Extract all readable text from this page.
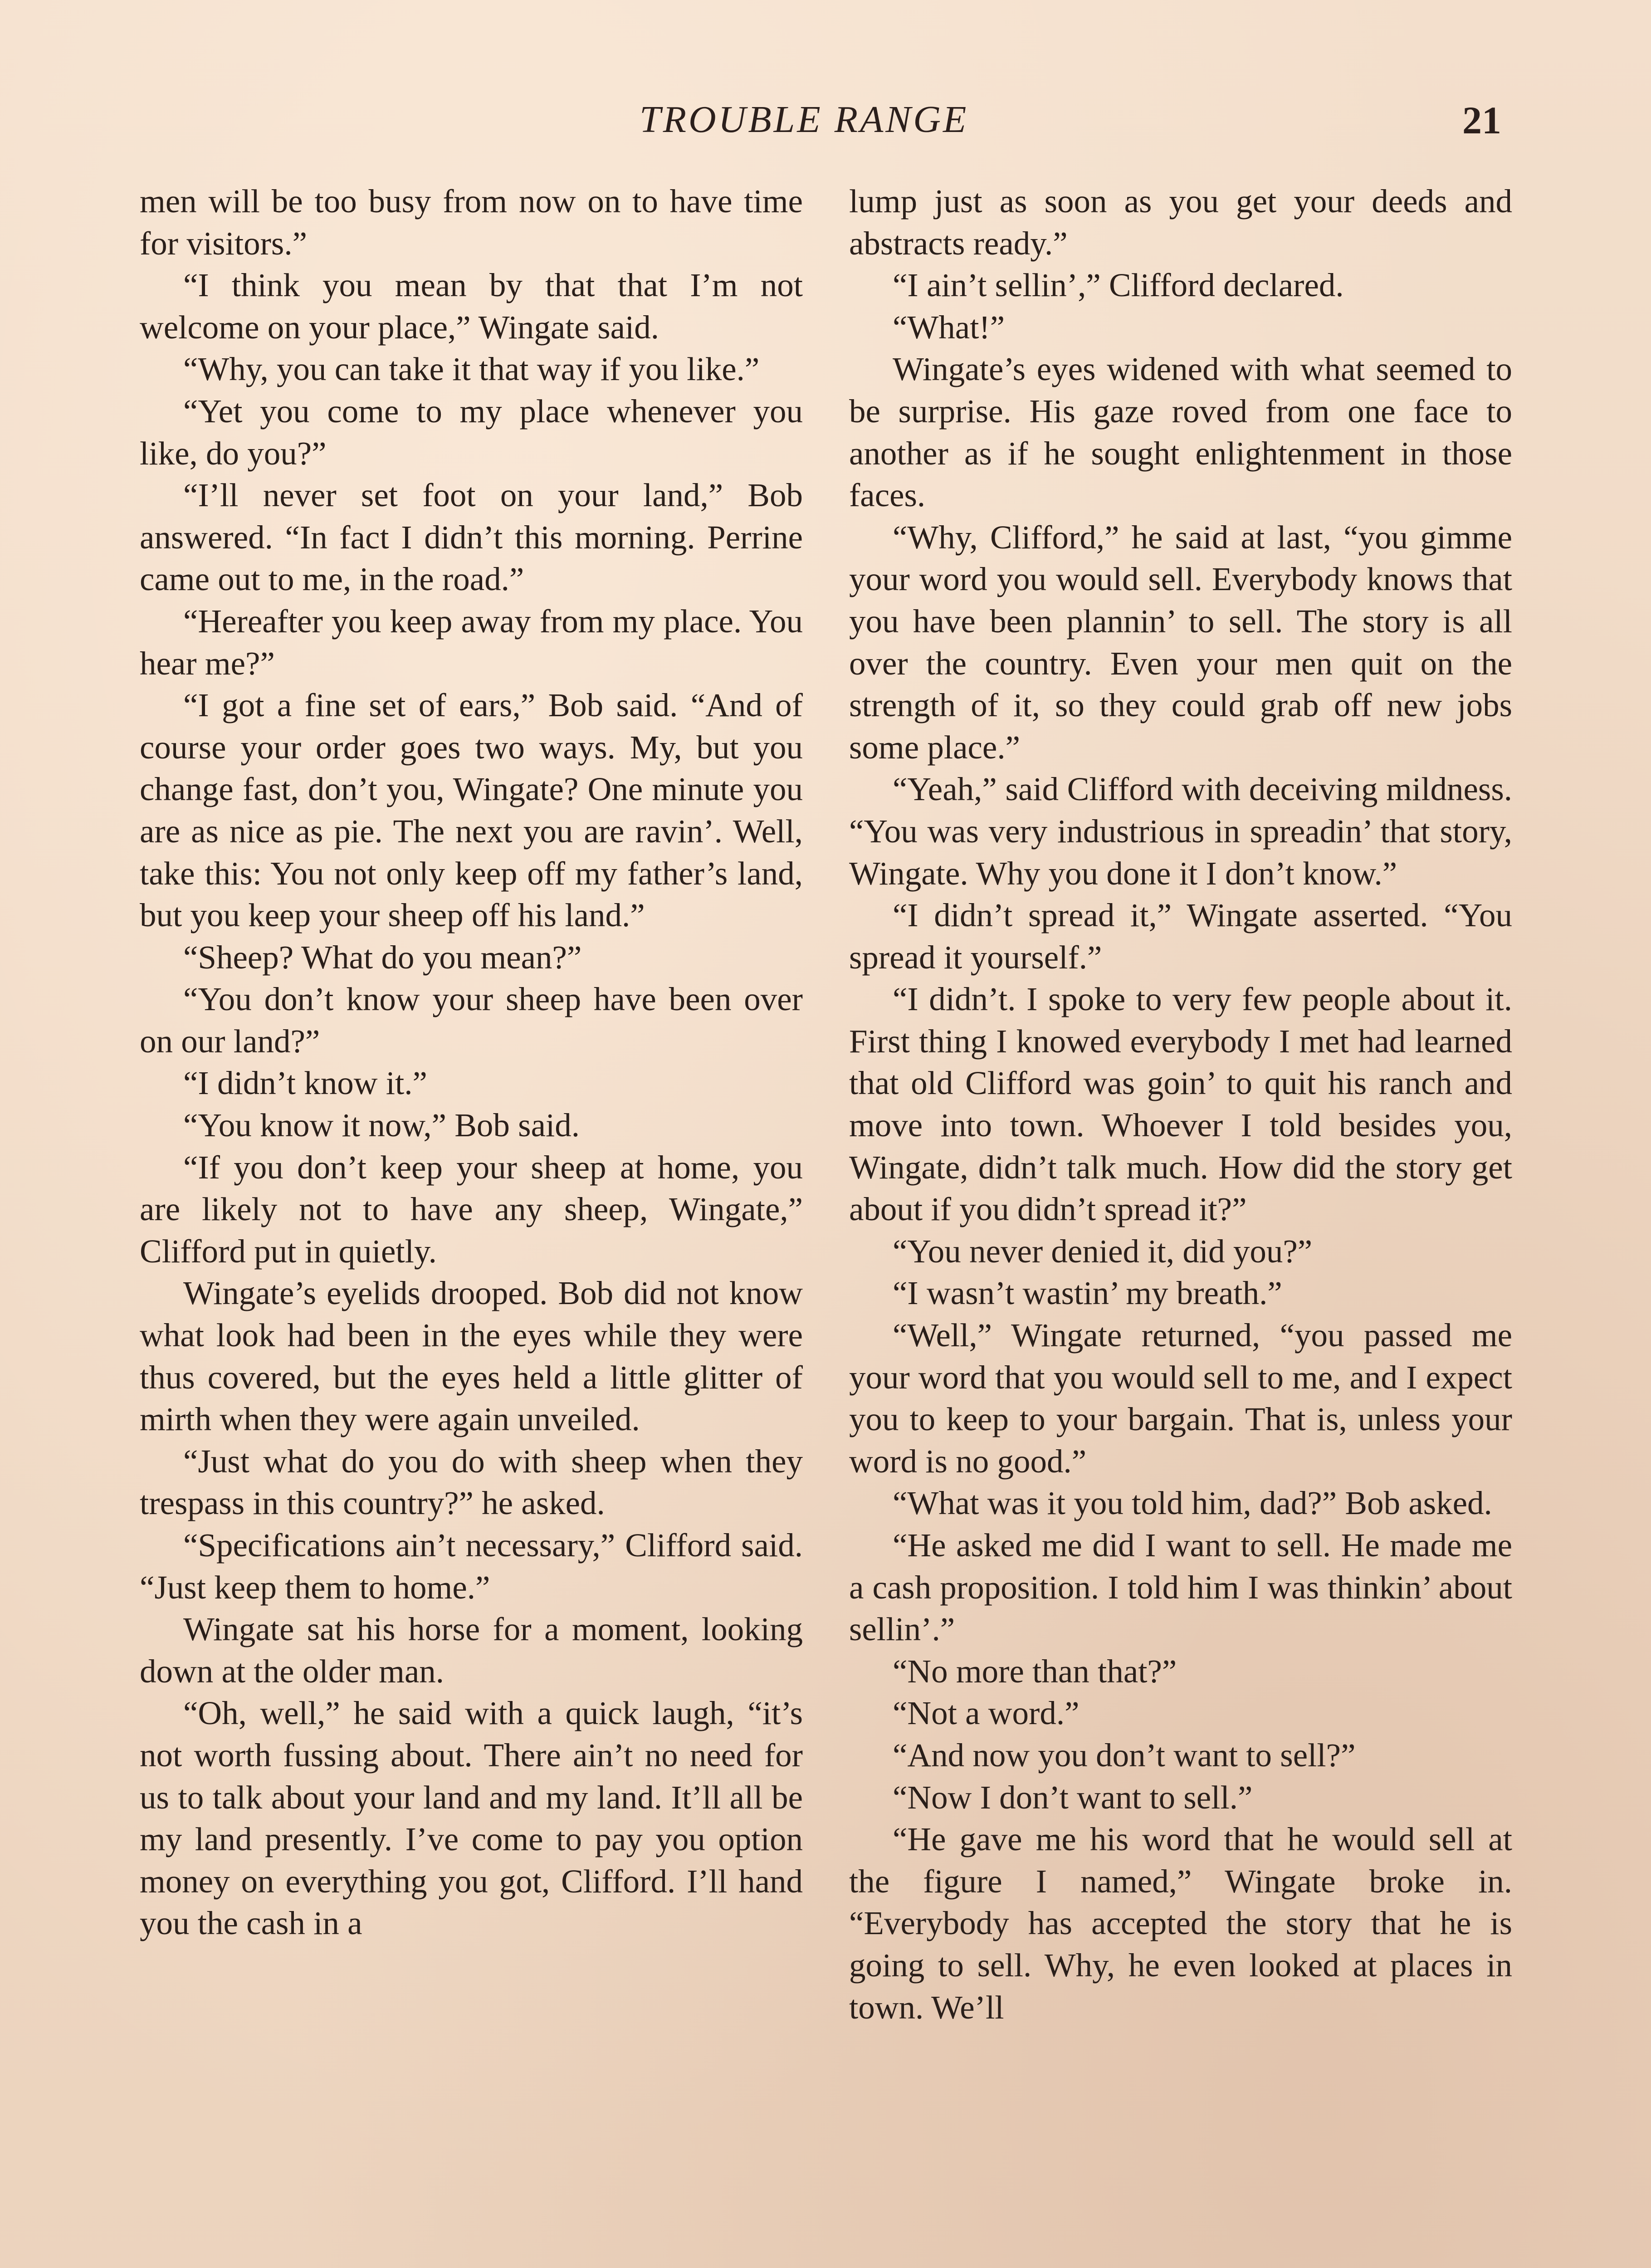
TROUBLE RANGE	21

men will be too busy from now on to have time for visitors.”

“I think you mean by that that I’m not welcome on your place,” Wingate said.

“Why, you can take it that way if you like.”

“Yet you come to my place whenever you like, do you?”

“I’ll never set foot on your land,” Bob answered. “In fact I didn’t this morning. Perrine came out to me, in the road.”

“Hereafter you keep away from my place. You hear me?”

“I got a fine set of ears,” Bob said. “And of course your order goes two ways. My, but you change fast, don’t you, Wingate? One minute you are as nice as pie. The next you are ravin’. Well, take this: You not only keep off my father’s land, but you keep your sheep off his land.”

“Sheep? What do you mean?”

“You don’t know your sheep have been over on our land?”

“I didn’t know it.”

“You know it now,” Bob said.

“If you don’t keep your sheep at home, you are likely not to have any sheep, Wingate,” Clifford put in quietly.

Wingate’s eyelids drooped. Bob did not know what look had been in the eyes while they were thus covered, but the eyes held a little glitter of mirth when they were again unveiled.

“Just what do you do with sheep when they trespass in this country?” he asked.

“Specifications ain’t necessary,” Clifford said. “Just keep them to home.”

Wingate sat his horse for a moment, looking down at the older man.

“Oh, well,” he said with a quick laugh, “it’s not worth fussing about. There ain’t no need for us to talk about your land and my land. It’ll all be my land presently. I’ve come to pay you option money on everything you got, Clifford. I’ll hand you the cash in a

lump just as soon as you get your deeds and abstracts ready.”

“I ain’t sellin’,” Clifford declared.

“What!”

Wingate’s eyes widened with what seemed to be surprise. His gaze roved from one face to another as if he sought enlightenment in those faces.

“Why, Clifford,” he said at last, “you gimme your word you would sell. Everybody knows that you have been plannin’ to sell. The story is all over the country. Even your men quit on the strength of it, so they could grab off new jobs some place.”

“Yeah,” said Clifford with deceiving mildness. “You was very industrious in spreadin’ that story, Wingate. Why you done it I don’t know.”

“I didn’t spread it,” Wingate asserted. “You spread it yourself.”

“I didn’t. I spoke to very few people about it. First thing I knowed everybody I met had learned that old Clifford was goin’ to quit his ranch and move into town. Whoever I told besides you, Wingate, didn’t talk much. How did the story get about if you didn’t spread it?”

“You never denied it, did you?”

“I wasn’t wastin’ my breath.”

“Well,” Wingate returned, “you passed me your word that you would sell to me, and I expect you to keep to your bargain. That is, unless your word is no good.”

“What was it you told him, dad?” Bob asked.

“He asked me did I want to sell. He made me a cash proposition. I told him I was thinkin’ about sellin’.”

“No more than that?”

“Not a word.”

“And now you don’t want to sell?”

“Now I don’t want to sell.”

“He gave me his word that he would sell at the figure I named,” Wingate broke in. “Everybody has accepted the story that he is going to sell. Why, he even looked at places in town. We’ll
